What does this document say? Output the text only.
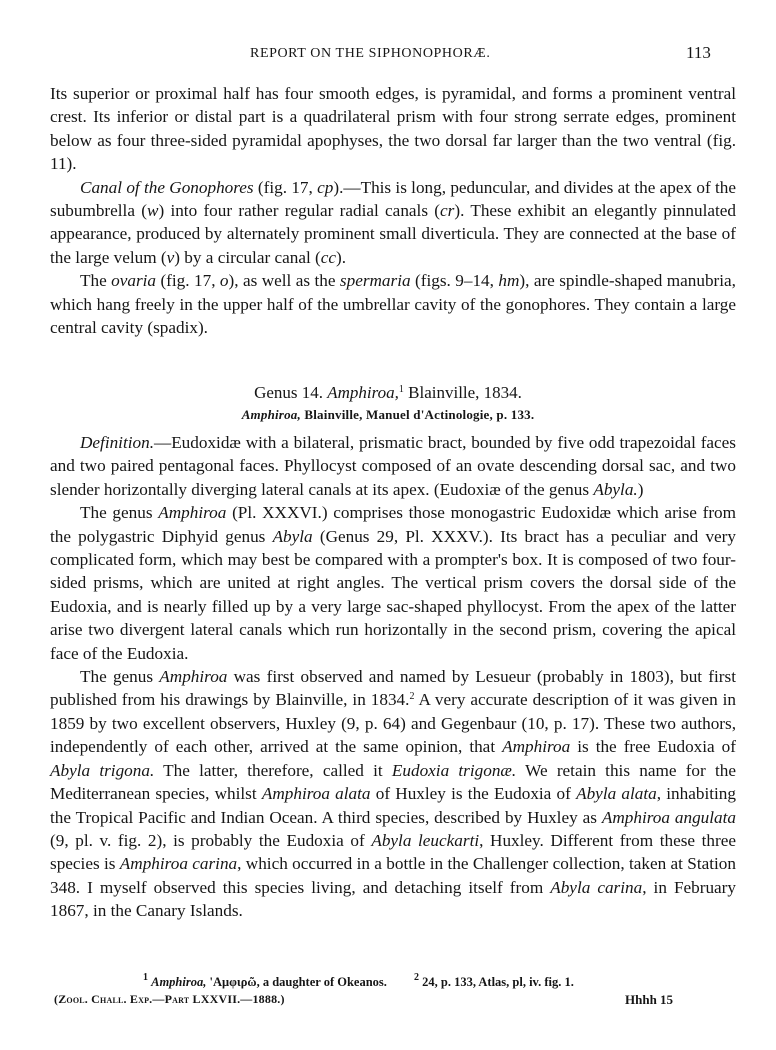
REPORT ON THE SIPHONOPHORÆ.	113

Its superior or proximal half has four smooth edges, is pyramidal, and forms a prominent ventral crest. Its inferior or distal part is a quadrilateral prism with four strong serrate edges, prominent below as four three-sided pyramidal apophyses, the two dorsal far larger than the two ventral (fig. 11).

Canal of the Gonophores (fig. 17, cp).—This is long, peduncular, and divides at the apex of the subumbrella (w) into four rather regular radial canals (cr). These exhibit an elegantly pinnulated appearance, produced by alternately prominent small diverticula. They are connected at the base of the large velum (v) by a circular canal (cc).

The ovaria (fig. 17, o), as well as the spermaria (figs. 9–14, hm), are spindle-shaped manubria, which hang freely in the upper half of the umbrellar cavity of the gonophores. They contain a large central cavity (spadix).

Genus 14. Amphiroa,$^1$ Blainville, 1834.
Amphiroa, Blainville, Manuel d'Actinologie, p. 133.

Definition.—Eudoxidæ with a bilateral, prismatic bract, bounded by five odd trapezoidal faces and two paired pentagonal faces. Phyllocyst composed of an ovate descending dorsal sac, and two slender horizontally diverging lateral canals at its apex. (Eudoxiæ of the genus Abyla.)

The genus Amphiroa (Pl. XXXVI.) comprises those monogastric Eudoxidæ which arise from the polygastric Diphyid genus Abyla (Genus 29, Pl. XXXV.). Its bract has a peculiar and very complicated form, which may best be compared with a prompter's box. It is composed of two four-sided prisms, which are united at right angles. The vertical prism covers the dorsal side of the Eudoxia, and is nearly filled up by a very large sac-shaped phyllocyst. From the apex of the latter arise two divergent lateral canals which run horizontally in the second prism, covering the apical face of the Eudoxia.

The genus Amphiroa was first observed and named by Lesueur (probably in 1803), but first published from his drawings by Blainville, in 1834.$^2$ A very accurate description of it was given in 1859 by two excellent observers, Huxley (9, p. 64) and Gegenbaur (10, p. 17). These two authors, independently of each other, arrived at the same opinion, that Amphiroa is the free Eudoxia of Abyla trigona. The latter, therefore, called it Eudoxia trigonæ. We retain this name for the Mediterranean species, whilst Amphiroa alata of Huxley is the Eudoxia of Abyla alata, inhabiting the Tropical Pacific and Indian Ocean. A third species, described by Huxley as Amphiroa angulata (9, pl. v. fig. 2), is probably the Eudoxia of Abyla leuckarti, Huxley. Different from these three species is Amphiroa carina, which occurred in a bottle in the Challenger collection, taken at Station 348. I myself observed this species living, and detaching itself from Abyla carina, in February 1867, in the Canary Islands.

$^1$ Amphiroa, 'Αμφιρῶ, a daughter of Okeanos.	$^2$ 24, p. 133, Atlas, pl, iv. fig. 1.
(Zool. Chall. Exp.—Part LXXVII.—1888.)	Hhhh 15
